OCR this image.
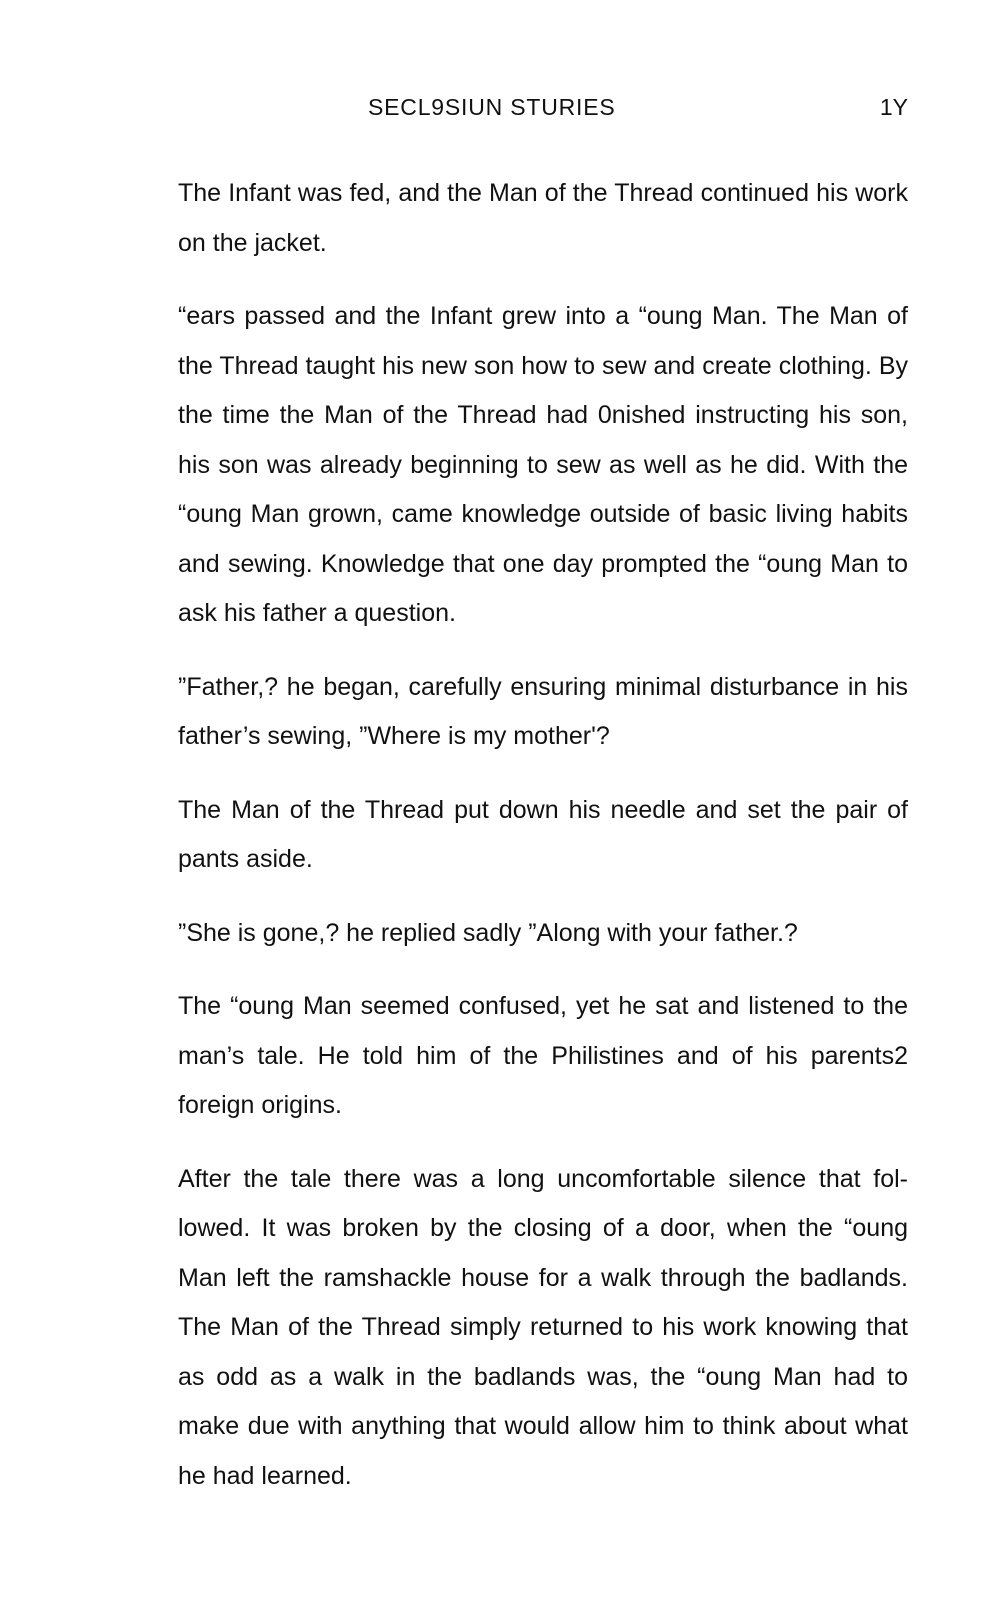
SECL9SIUN STURIES	1Y

The Infant was fed, and the Man of the Thread continued his work on the jacket.

“ears passed and the Infant grew into a “oung Man. The Man of the Thread taught his new son how to sew and create clothing. By the time the Man of the Thread had 0nished instructing his son, his son was already beginning to sew as well as he did. With the “oung Man grown, came knowledge outside of basic living habits and sewing. Knowledge that one day prompted the “oung Man to ask his father a question.

”Father,? he began, carefully ensuring minimal disturbance in his father’s sewing, ”Where is my mother'?

The Man of the Thread put down his needle and set the pair of pants aside.

”She is gone,? he replied sadly ”Along with your father.?

The “oung Man seemed confused, yet he sat and listened to the man’s tale. He told him of the Philistines and of his parents2 foreign origins.

After the tale there was a long uncomfortable silence that fol-lowed. It was broken by the closing of a door, when the “oung Man left the ramshackle house for a walk through the badlands. The Man of the Thread simply returned to his work knowing that as odd as a walk in the badlands was, the “oung Man had to make due with anything that would allow him to think about what he had learned.
